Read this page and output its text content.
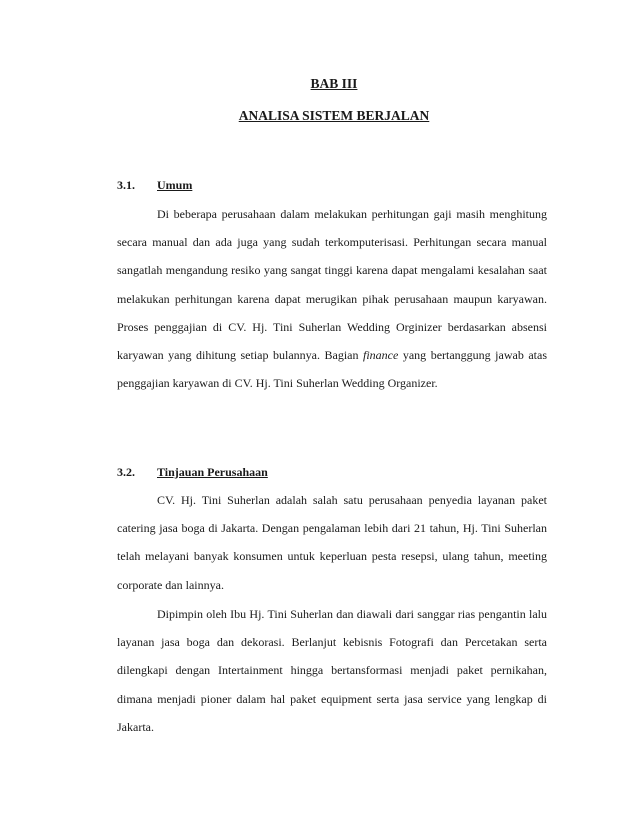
BAB III
ANALISA SISTEM BERJALAN
3.1. Umum

Di beberapa perusahaan dalam melakukan perhitungan gaji masih menghitung secara manual dan ada juga yang sudah terkomputerisasi. Perhitungan secara manual sangatlah mengandung resiko yang sangat tinggi karena dapat mengalami kesalahan saat melakukan perhitungan karena dapat merugikan pihak perusahaan maupun karyawan. Proses penggajian di CV. Hj. Tini Suherlan Wedding Orginizer berdasarkan absensi karyawan yang dihitung setiap bulannya. Bagian finance yang bertanggung jawab atas penggajian karyawan di CV. Hj. Tini Suherlan Wedding Organizer.

3.2. Tinjauan Perusahaan

CV. Hj. Tini Suherlan adalah salah satu perusahaan penyedia layanan paket catering jasa boga di Jakarta. Dengan pengalaman lebih dari 21 tahun, Hj. Tini Suherlan telah melayani banyak konsumen untuk keperluan pesta resepsi, ulang tahun, meeting corporate dan lainnya.

Dipimpin oleh Ibu Hj. Tini Suherlan dan diawali dari sanggar rias pengantin lalu layanan jasa boga dan dekorasi. Berlanjut kebisnis Fotografi dan Percetakan serta dilengkapi dengan Intertainment hingga bertansformasi menjadi paket pernikahan, dimana menjadi pioner dalam hal paket equipment serta jasa service yang lengkap di Jakarta.
